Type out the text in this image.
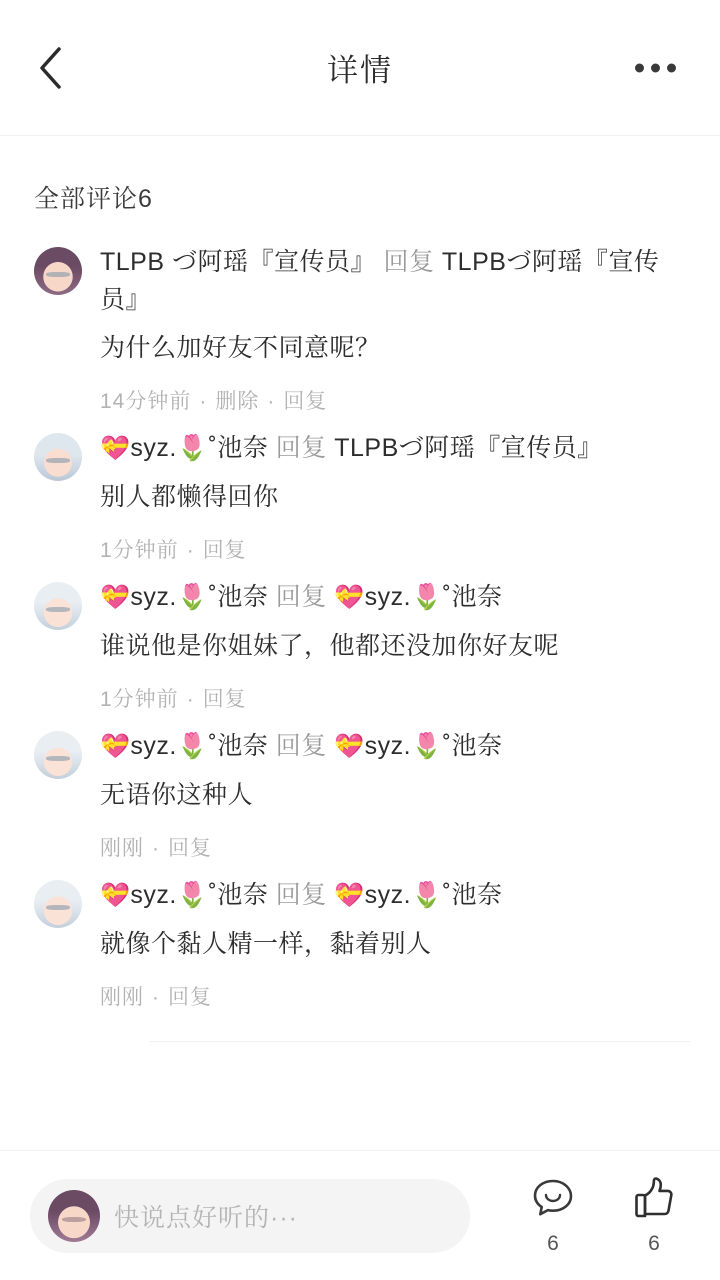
详情
全部评论6
TLPB づ阿瑶『宣传员』 回复 TLPBづ阿瑶『宣传员』
为什么加好友不同意呢？
14分钟前 · 删除 · 回复
💝syz.🌷˚池奈 回复 TLPBづ阿瑶『宣传员』
别人都懒得回你
1分钟前 · 回复
💝syz.🌷˚池奈 回复 💝syz.🌷˚池奈
谁说他是你姐妹了，他都还没加你好友呢
1分钟前 · 回复
💝syz.🌷˚池奈 回复 💝syz.🌷˚池奈
无语你这种人
刚刚 · 回复
💝syz.🌷˚池奈 回复 💝syz.🌷˚池奈
就像个黏人精一样，黏着别人
刚刚 · 回复
快说点好听的···
6	6
